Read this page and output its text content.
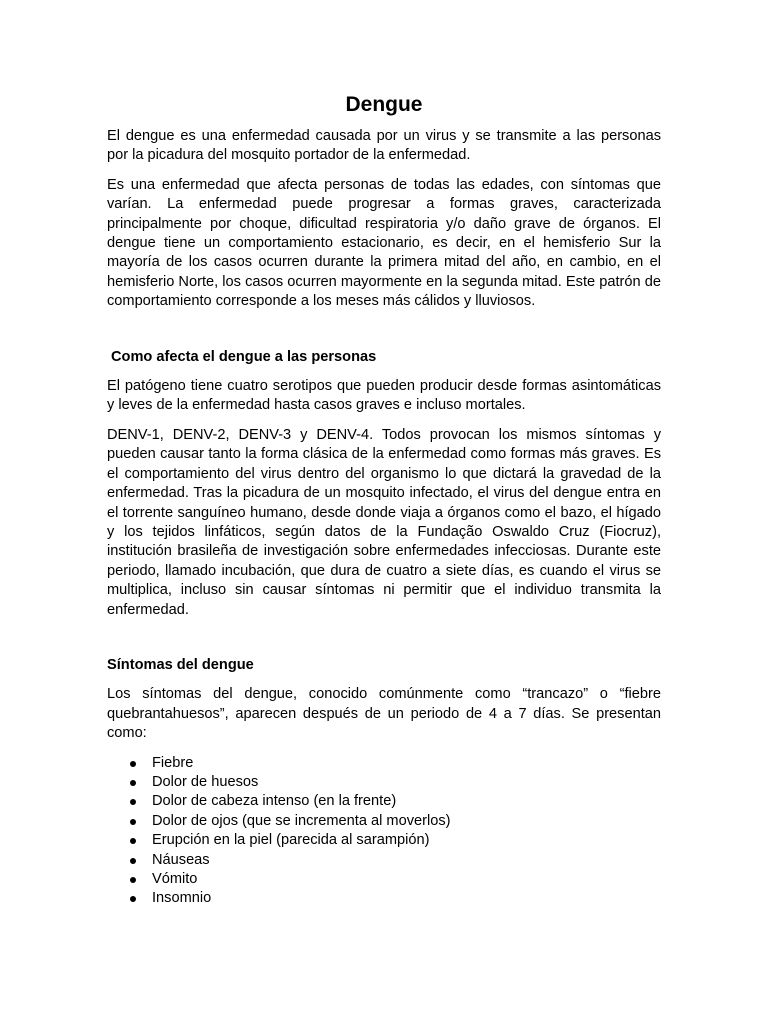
Dengue

El dengue es una enfermedad causada por un virus y se transmite a las personas por la picadura del mosquito portador de la enfermedad.

Es una enfermedad que afecta personas de todas las edades, con síntomas que varían. La enfermedad puede progresar a formas graves, caracterizada principalmente por choque, dificultad respiratoria y/o daño grave de órganos. El dengue tiene un comportamiento estacionario, es decir, en el hemisferio Sur la mayoría de los casos ocurren durante la primera mitad del año, en cambio, en el hemisferio Norte, los casos ocurren mayormente en la segunda mitad. Este patrón de comportamiento corresponde a los meses más cálidos y lluviosos.

Como afecta el dengue a las personas

El patógeno tiene cuatro serotipos que pueden producir desde formas asintomáticas y leves de la enfermedad hasta casos graves e incluso mortales.

DENV-1, DENV-2, DENV-3 y DENV-4. Todos provocan los mismos síntomas y pueden causar tanto la forma clásica de la enfermedad como formas más graves. Es el comportamiento del virus dentro del organismo lo que dictará la gravedad de la enfermedad. Tras la picadura de un mosquito infectado, el virus del dengue entra en el torrente sanguíneo humano, desde donde viaja a órganos como el bazo, el hígado y los tejidos linfáticos, según datos de la Fundação Oswaldo Cruz (Fiocruz), institución brasileña de investigación sobre enfermedades infecciosas. Durante este periodo, llamado incubación, que dura de cuatro a siete días, es cuando el virus se multiplica, incluso sin causar síntomas ni permitir que el individuo transmita la enfermedad.

Síntomas del dengue

Los síntomas del dengue, conocido comúnmente como “trancazo” o “fiebre quebrantahuesos”, aparecen después de un periodo de 4 a 7 días. Se presentan como:

Fiebre
Dolor de huesos
Dolor de cabeza intenso (en la frente)
Dolor de ojos (que se incrementa al moverlos)
Erupción en la piel (parecida al sarampión)
Náuseas
Vómito
Insomnio
